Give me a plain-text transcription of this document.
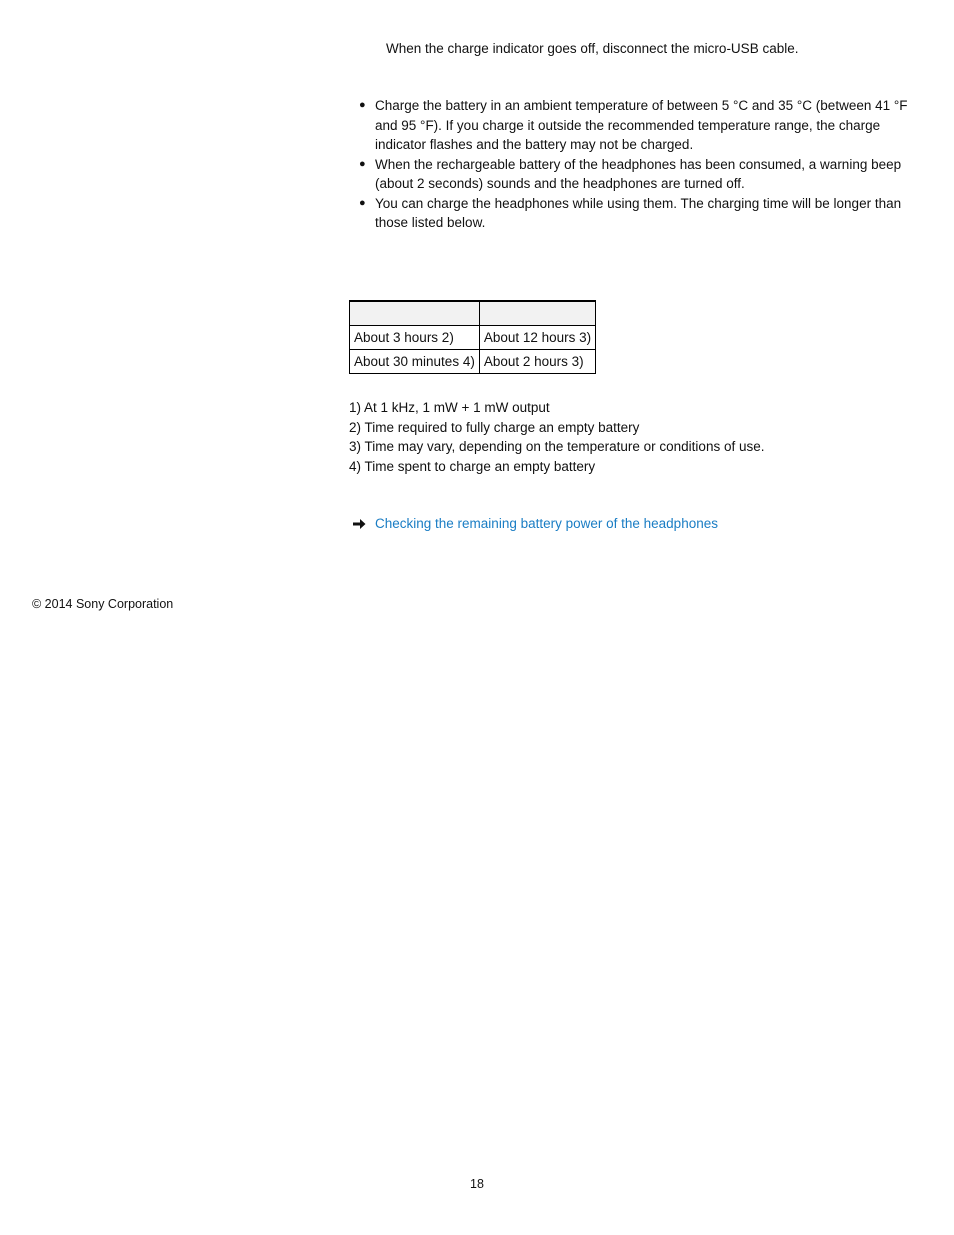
When the charge indicator goes off, disconnect the micro-USB cable.
● Charge the battery in an ambient temperature of between 5 °C and 35 °C (between 41 °F and 95 °F). If you charge it outside the recommended temperature range, the charge indicator flashes and the battery may not be charged.
● When the rechargeable battery of the headphones has been consumed, a warning beep (about 2 seconds) sounds and the headphones are turned off.
● You can charge the headphones while using them. The charging time will be longer than those listed below.

About 3 hours 2)	About 12 hours 3)
About 30 minutes 4)	About 2 hours 3)
1) At 1 kHz, 1 mW + 1 mW output
2) Time required to fully charge an empty battery
3) Time may vary, depending on the temperature or conditions of use.
4) Time spent to charge an empty battery
Checking the remaining battery power of the headphones
© 2014 Sony Corporation
18
